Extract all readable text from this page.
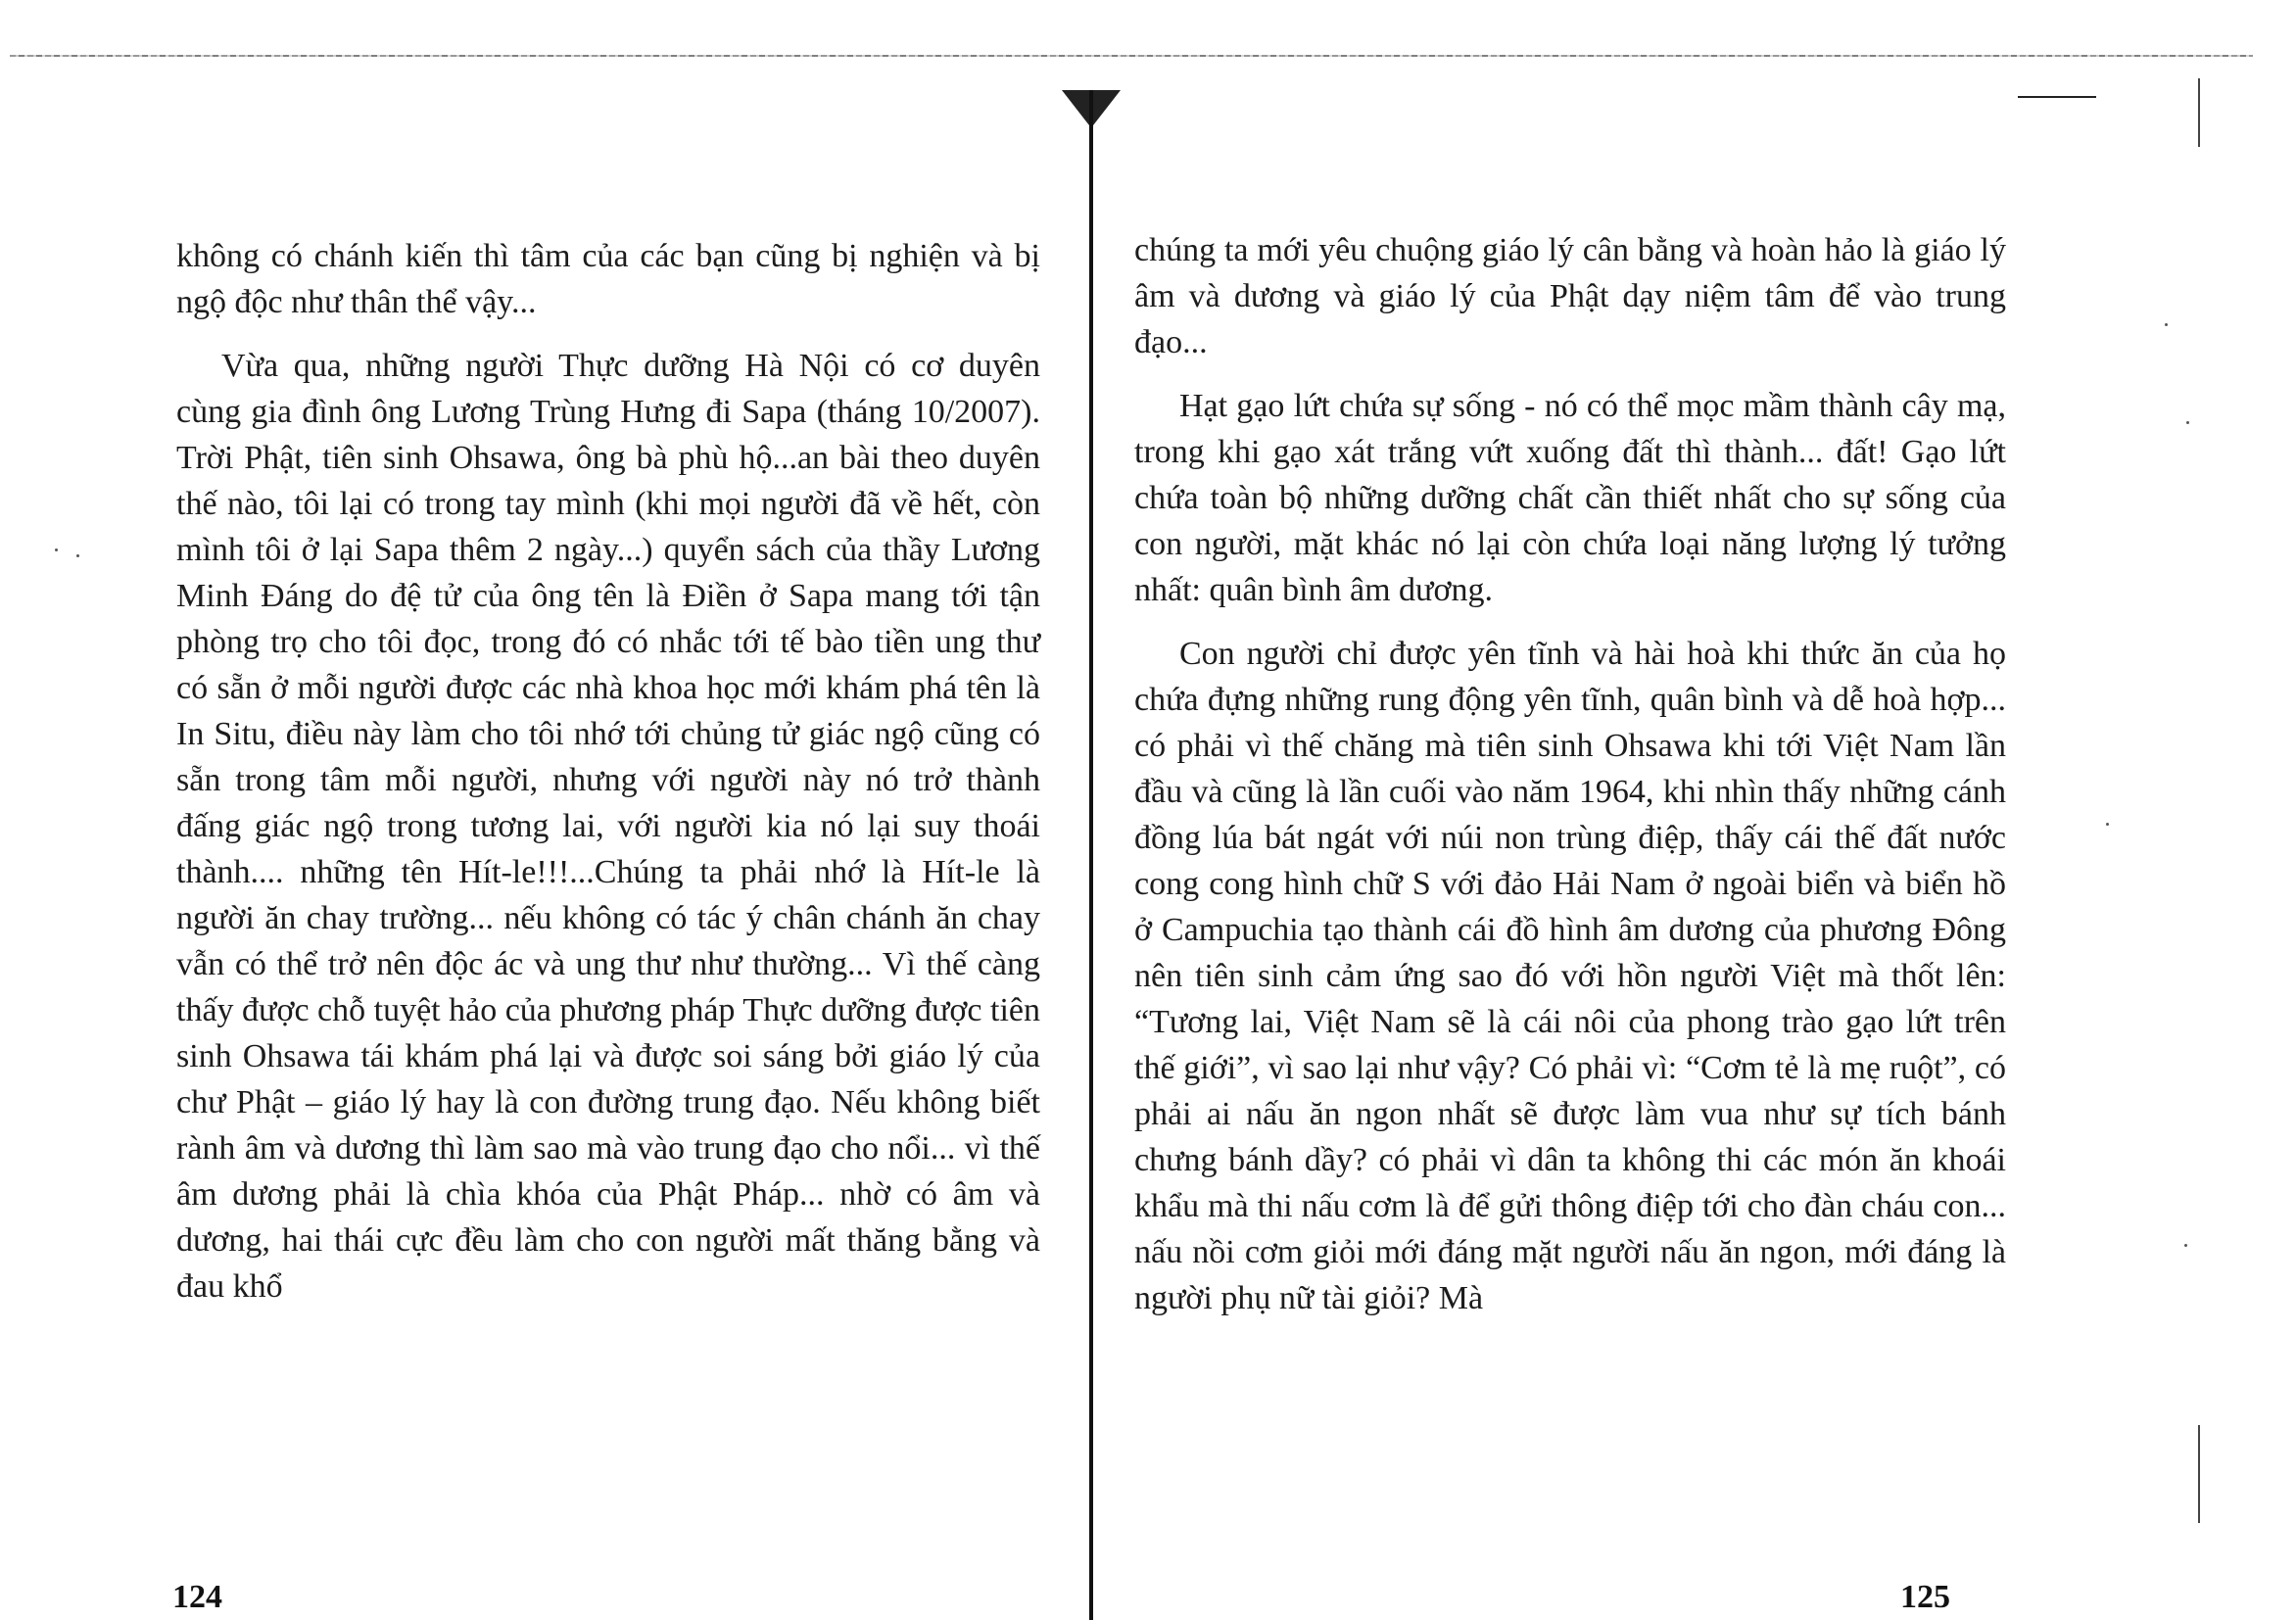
không có chánh kiến thì tâm của các bạn cũng bị nghiện và bị ngộ độc như thân thể vậy...

Vừa qua, những người Thực dưỡng Hà Nội có cơ duyên cùng gia đình ông Lương Trùng Hưng đi Sapa (tháng 10/2007). Trời Phật, tiên sinh Ohsawa, ông bà phù hộ...an bài theo duyên thế nào, tôi lại có trong tay mình (khi mọi người đã về hết, còn mình tôi ở lại Sapa thêm 2 ngày...) quyển sách của thầy Lương Minh Đáng do đệ tử của ông tên là Điền ở Sapa mang tới tận phòng trọ cho tôi đọc, trong đó có nhắc tới tế bào tiền ung thư có sẵn ở mỗi người được các nhà khoa học mới khám phá tên là In Situ, điều này làm cho tôi nhớ tới chủng tử giác ngộ cũng có sẵn trong tâm mỗi người, nhưng với người này nó trở thành đấng giác ngộ trong tương lai, với người kia nó lại suy thoái thành.... những tên Hít-le!!!...Chúng ta phải nhớ là Hít-le là người ăn chay trường... nếu không có tác ý chân chánh ăn chay vẫn có thể trở nên độc ác và ung thư như thường... Vì thế càng thấy được chỗ tuyệt hảo của phương pháp Thực dưỡng được tiên sinh Ohsawa tái khám phá lại và được soi sáng bởi giáo lý của chư Phật – giáo lý hay là con đường trung đạo. Nếu không biết rành âm và dương thì làm sao mà vào trung đạo cho nổi... vì thế âm dương phải là chìa khóa của Phật Pháp... nhờ có âm và dương, hai thái cực đều làm cho con người mất thăng bằng và đau khổ

chúng ta mới yêu chuộng giáo lý cân bằng và hoàn hảo là giáo lý âm và dương và giáo lý của Phật dạy niệm tâm để vào trung đạo...

Hạt gạo lứt chứa sự sống - nó có thể mọc mầm thành cây mạ, trong khi gạo xát trắng vứt xuống đất thì thành... đất! Gạo lứt chứa toàn bộ những dưỡng chất cần thiết nhất cho sự sống của con người, mặt khác nó lại còn chứa loại năng lượng lý tưởng nhất: quân bình âm dương.

Con người chỉ được yên tĩnh và hài hoà khi thức ăn của họ chứa đựng những rung động yên tĩnh, quân bình và dễ hoà hợp... có phải vì thế chăng mà tiên sinh Ohsawa khi tới Việt Nam lần đầu và cũng là lần cuối vào năm 1964, khi nhìn thấy những cánh đồng lúa bát ngát với núi non trùng điệp, thấy cái thế đất nước cong cong hình chữ S với đảo Hải Nam ở ngoài biển và biển hồ ở Campuchia tạo thành cái đồ hình âm dương của phương Đông nên tiên sinh cảm ứng sao đó với hồn người Việt mà thốt lên: “Tương lai, Việt Nam sẽ là cái nôi của phong trào gạo lứt trên thế giới”, vì sao lại như vậy? Có phải vì: “Cơm tẻ là mẹ ruột”, có phải ai nấu ăn ngon nhất sẽ được làm vua như sự tích bánh chưng bánh dầy? có phải vì dân ta không thi các món ăn khoái khẩu mà thi nấu cơm là để gửi thông điệp tới cho đàn cháu con... nấu nồi cơm giỏi mới đáng mặt người nấu ăn ngon, mới đáng là người phụ nữ tài giỏi? Mà

124	125
